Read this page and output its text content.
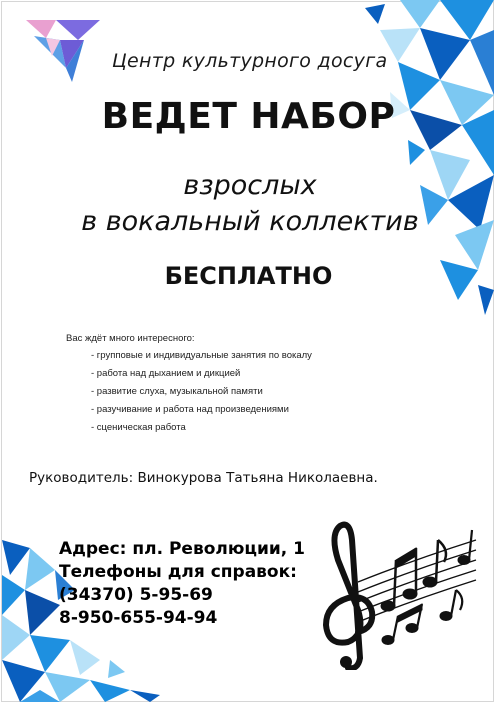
Центр культурного досуга
ВЕДЕТ НАБОР
взрослых
в вокальный коллектив
БЕСПЛАТНО
Вас ждёт много интересного:
- групповые и индивидуальные занятия по вокалу
- работа над дыханием и дикцией
- развитие слуха, музыкальной памяти
- разучивание и работа над произведениями
- сценическая работа
Руководитель: Винокурова Татьяна Николаевна.
Адрес: пл. Революции, 1
Телефоны для справок:
(34370) 5-95-69
8-950-655-94-94
